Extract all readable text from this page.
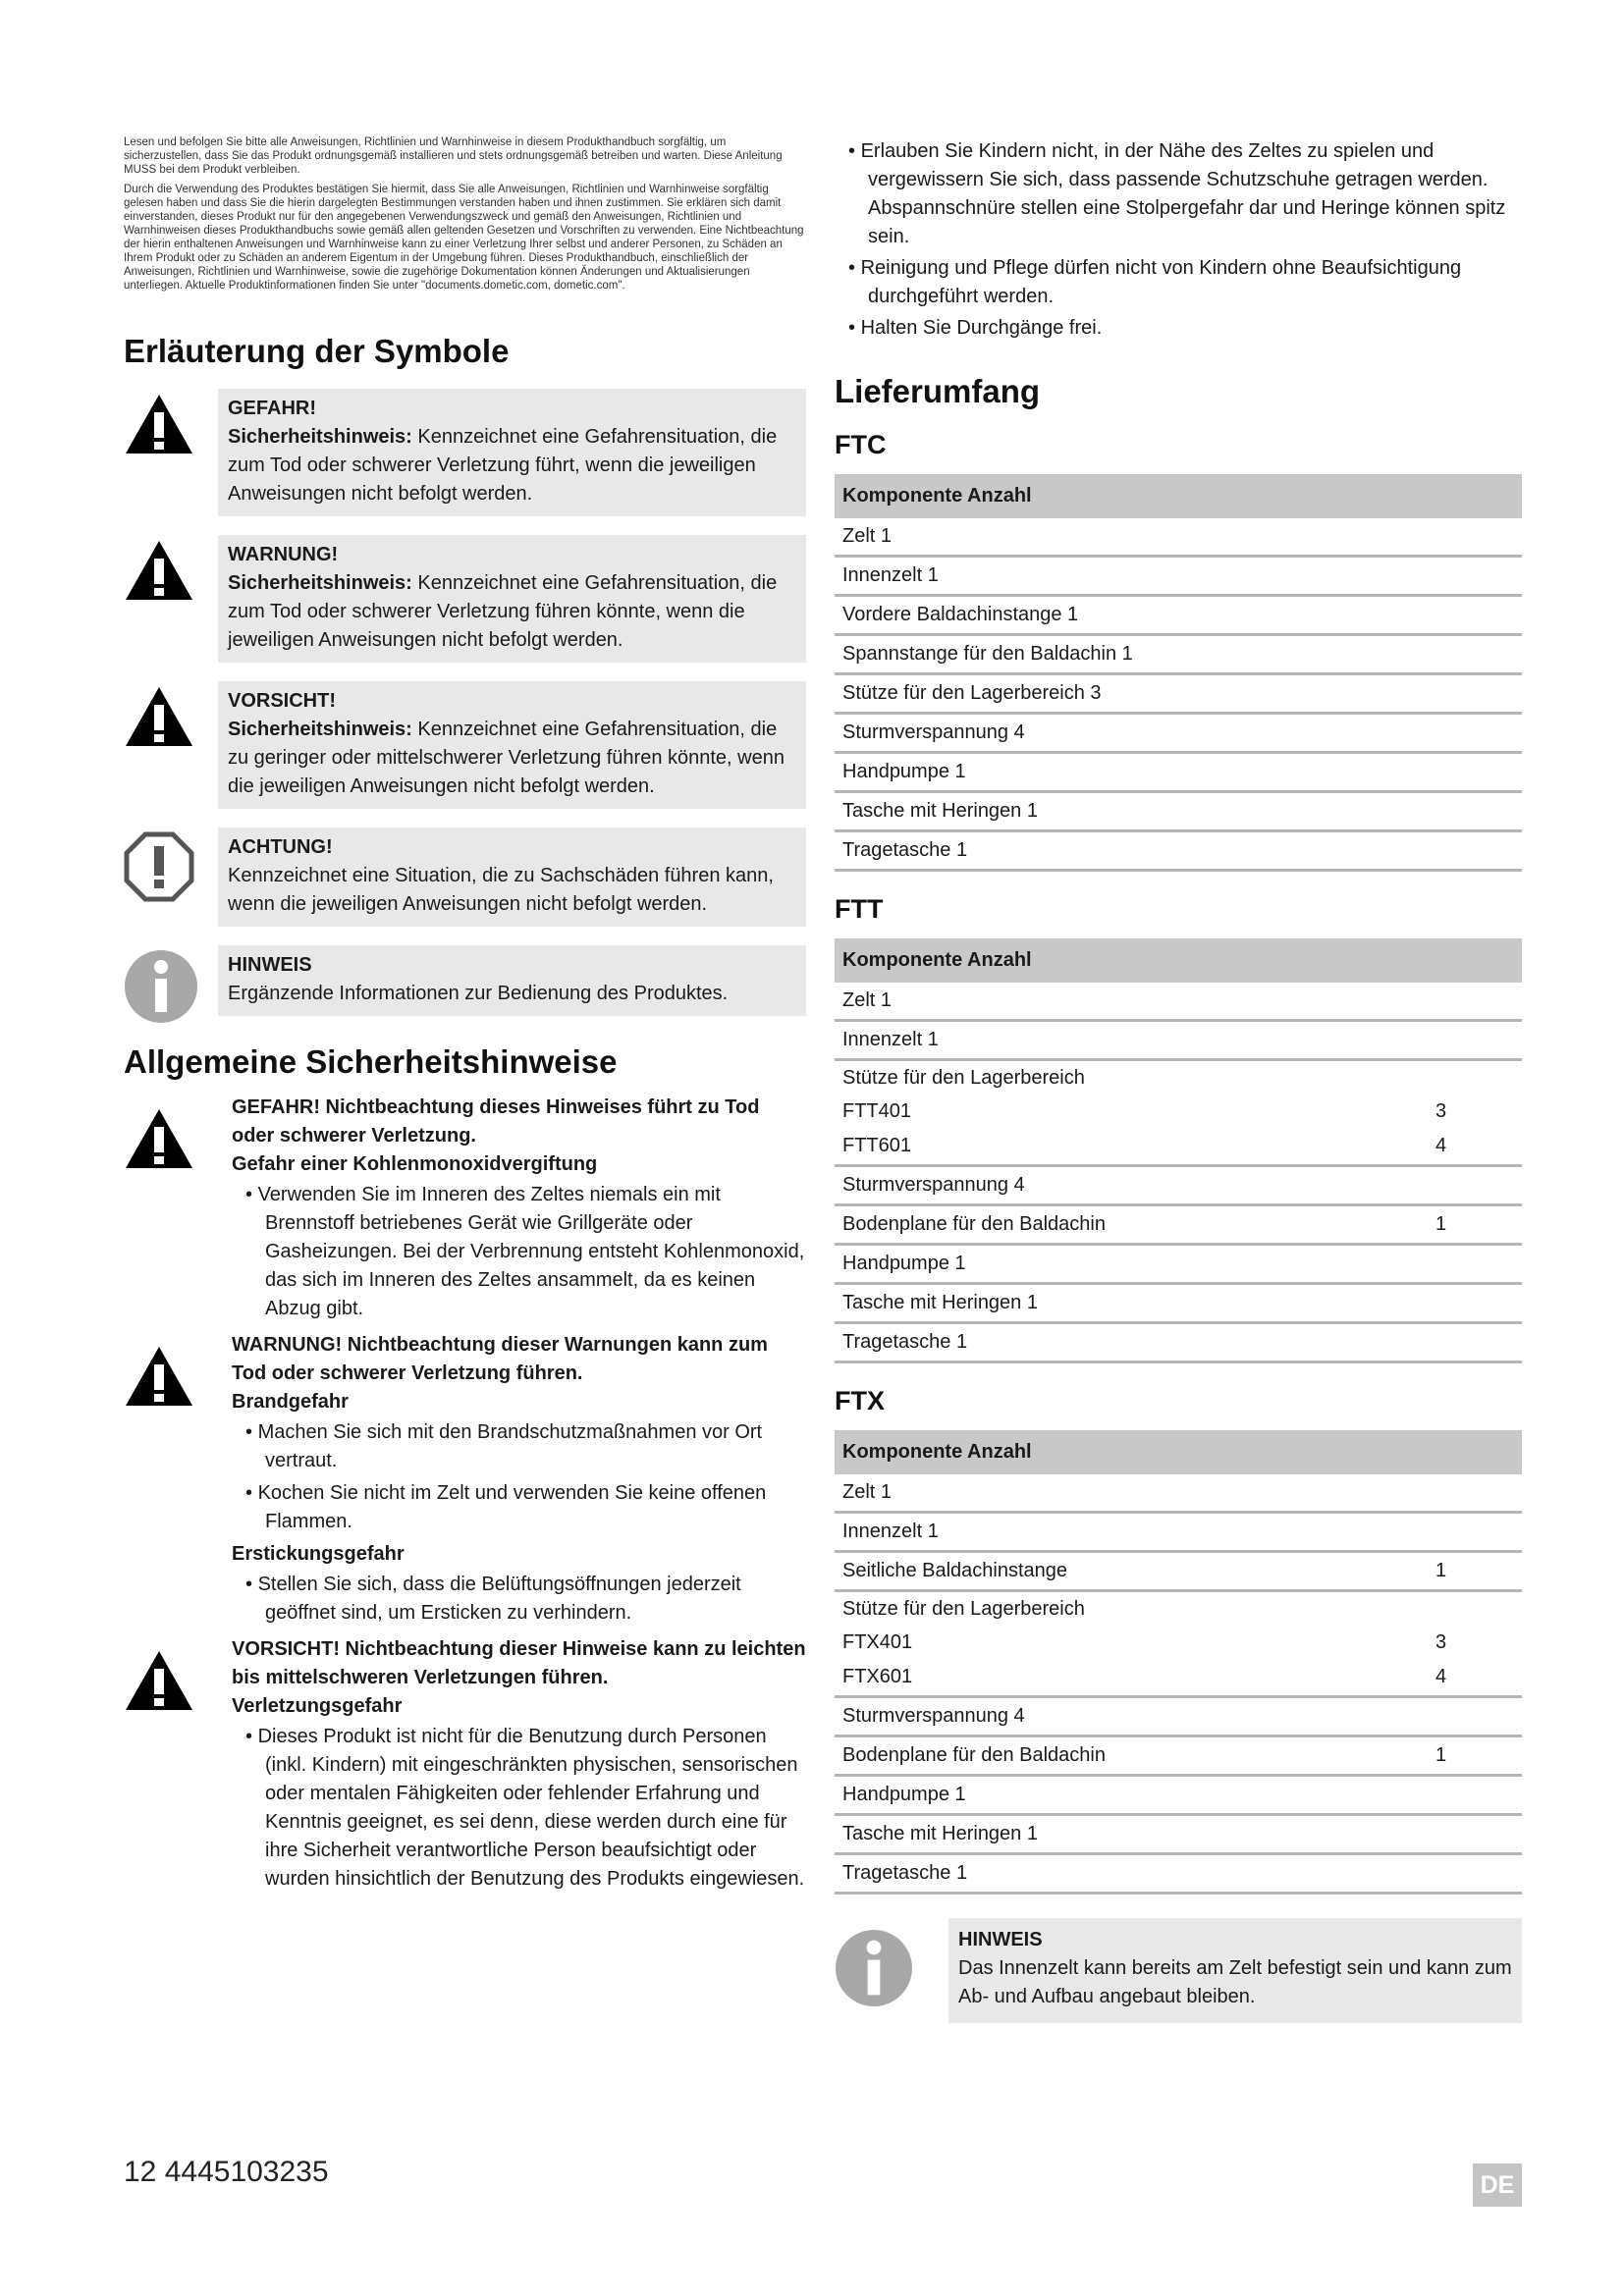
Lesen und befolgen Sie bitte alle Anweisungen, Richtlinien und Warnhinweise in diesem Produkthandbuch sorgfältig, um sicherzustellen, dass Sie das Produkt ordnungsgemäß installieren und stets ordnungsgemäß betreiben und warten. Diese Anleitung MUSS bei dem Produkt verbleiben.

Durch die Verwendung des Produktes bestätigen Sie hiermit, dass Sie alle Anweisungen, Richtlinien und Warnhinweise sorgfältig gelesen haben und dass Sie die hierin dargelegten Bestimmungen verstanden haben und ihnen zustimmen. Sie erklären sich damit einverstanden, dieses Produkt nur für den angegebenen Verwendungszweck und gemäß den Anweisungen, Richtlinien und Warnhinweisen dieses Produkthandbuchs sowie gemäß allen geltenden Gesetzen und Vorschriften zu verwenden. Eine Nichtbeachtung der hierin enthaltenen Anweisungen und Warnhinweise kann zu einer Verletzung Ihrer selbst und anderer Personen, zu Schäden an Ihrem Produkt oder zu Schäden an anderem Eigentum in der Umgebung führen. Dieses Produkthandbuch, einschließlich der Anweisungen, Richtlinien und Warnhinweise, sowie die zugehörige Dokumentation können Änderungen und Aktualisierungen unterliegen. Aktuelle Produktinformationen finden Sie unter "documents.dometic.com, dometic.com".

Erläuterung der Symbole
GEFAHR!
Sicherheitshinweis: Kennzeichnet eine Gefahrensituation, die zum Tod oder schwerer Verletzung führt, wenn die jeweiligen Anweisungen nicht befolgt werden.
WARNUNG!
Sicherheitshinweis: Kennzeichnet eine Gefahrensituation, die zum Tod oder schwerer Verletzung führen könnte, wenn die jeweiligen Anweisungen nicht befolgt werden.
VORSICHT!
Sicherheitshinweis: Kennzeichnet eine Gefahrensituation, die zu geringer oder mittelschwerer Verletzung führen könnte, wenn die jeweiligen Anweisungen nicht befolgt werden.
ACHTUNG!
Kennzeichnet eine Situation, die zu Sachschäden führen kann, wenn die jeweiligen Anweisungen nicht befolgt werden.
HINWEIS
Ergänzende Informationen zur Bedienung des Produktes.
Allgemeine Sicherheitshinweise
GEFAHR! Nichtbeachtung dieses Hinweises führt zu Tod oder schwerer Verletzung.
Gefahr einer Kohlenmonoxidvergiftung

• Verwenden Sie im Inneren des Zeltes niemals ein mit Brennstoff betriebenes Gerät wie Grillgeräte oder Gasheizungen. Bei der Verbrennung entsteht Kohlenmonoxid, das sich im Inneren des Zeltes ansammelt, da es keinen Abzug gibt.

WARNUNG! Nichtbeachtung dieser Warnungen kann zum Tod oder schwerer Verletzung führen.
Brandgefahr

• Machen Sie sich mit den Brandschutzmaßnahmen vor Ort vertraut.

• Kochen Sie nicht im Zelt und verwenden Sie keine offenen Flammen.

Erstickungsgefahr

• Stellen Sie sich, dass die Belüftungsöffnungen jederzeit geöffnet sind, um Ersticken zu verhindern.

VORSICHT! Nichtbeachtung dieser Hinweise kann zu leichten bis mittelschweren Verletzungen führen.
Verletzungsgefahr

• Dieses Produkt ist nicht für die Benutzung durch Personen (inkl. Kindern) mit eingeschränkten physischen, sensorischen oder mentalen Fähigkeiten oder fehlender Erfahrung und Kenntnis geeignet, es sei denn, diese werden durch eine für ihre Sicherheit verantwortliche Person beaufsichtigt oder wurden hinsichtlich der Benutzung des Produkts eingewiesen.

• Erlauben Sie Kindern nicht, in der Nähe des Zeltes zu spielen und vergewissern Sie sich, dass passende Schutzschuhe getragen werden. Abspannschnüre stellen eine Stolpergefahr dar und Heringe können spitz sein.

• Reinigung und Pflege dürfen nicht von Kindern ohne Beaufsichtigung durchgeführt werden.

• Halten Sie Durchgänge frei.

Lieferumfang
FTC
Komponente Anzahl
Zelt 1
Innenzelt 1
Vordere Baldachinstange 1
Spannstange für den Baldachin 1
Stütze für den Lagerbereich 3
Sturmverspannung 4
Handpumpe 1
Tasche mit Heringen 1
Tragetasche 1
FTT
Komponente Anzahl	
Zelt 1	
Innenzelt 1	
Stütze für den Lagerbereich	
FTT401	3
FTT601	4
Sturmverspannung 4	
Bodenplane für den Baldachin	1
Handpumpe 1	
Tasche mit Heringen 1	
Tragetasche 1	
FTX
Komponente Anzahl	
Zelt 1	
Innenzelt 1	
Seitliche Baldachinstange	1
Stütze für den Lagerbereich	
FTX401	3
FTX601	4
Sturmverspannung 4	
Bodenplane für den Baldachin	1
Handpumpe 1	
Tasche mit Heringen 1	
Tragetasche 1	
HINWEIS
Das Innenzelt kann bereits am Zelt befestigt sein und kann zum Ab- und Aufbau angebaut bleiben.
12 4445103235	DE
